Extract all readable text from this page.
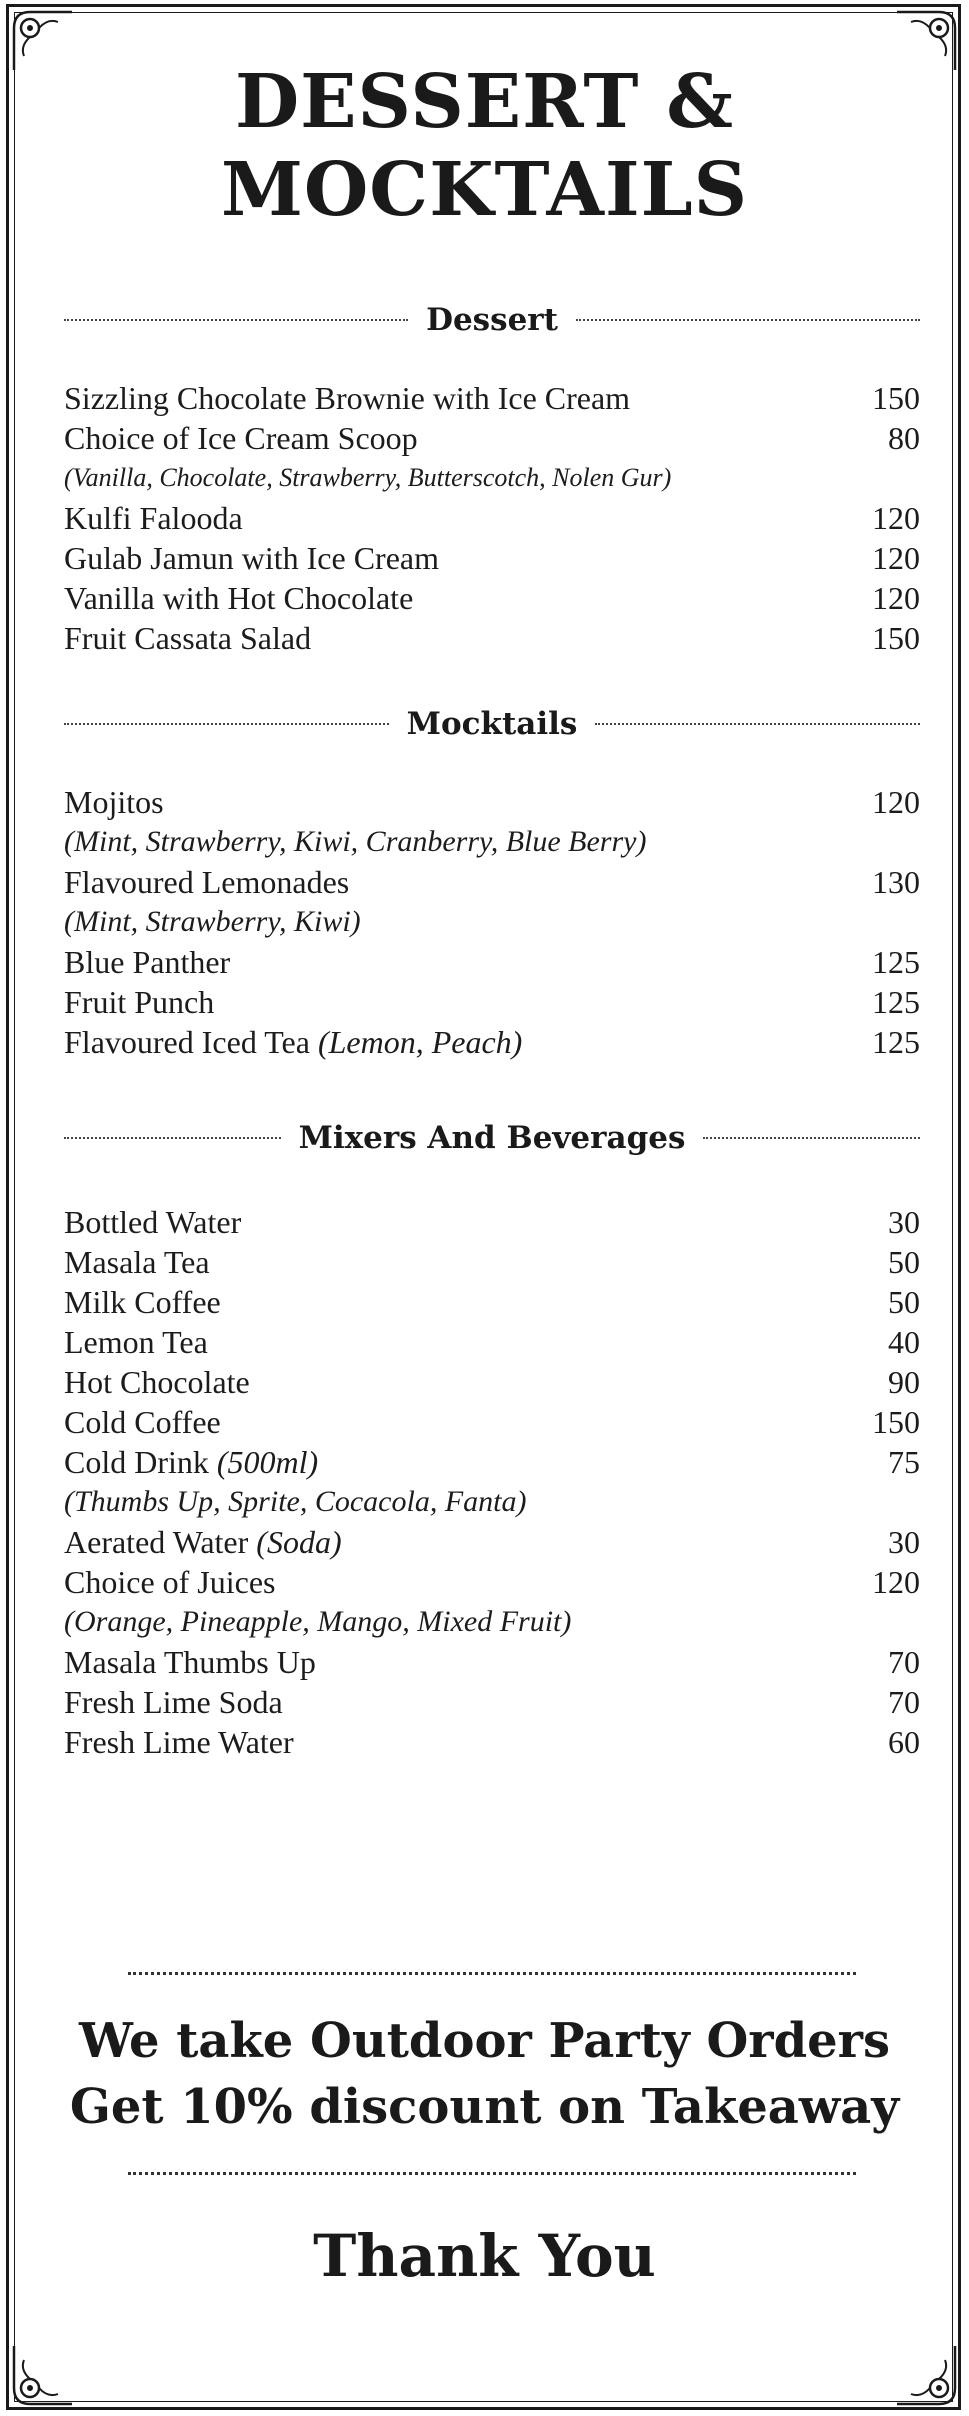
DESSERT &
MOCKTAILS
Dessert
Sizzling Chocolate Brownie with Ice Cream	150
Choice of Ice Cream Scoop	80
(Vanilla, Chocolate, Strawberry, Butterscotch, Nolen Gur)
Kulfi Falooda	120
Gulab Jamun with Ice Cream	120
Vanilla with Hot Chocolate	120
Fruit Cassata Salad	150
Mocktails
Mojitos	120
(Mint, Strawberry, Kiwi, Cranberry, Blue Berry)
Flavoured Lemonades	130
(Mint, Strawberry, Kiwi)
Blue Panther	125
Fruit Punch	125
Flavoured Iced Tea (Lemon, Peach)	125
Mixers And Beverages
Bottled Water	30
Masala Tea	50
Milk Coffee	50
Lemon Tea	40
Hot Chocolate	90
Cold Coffee	150
Cold Drink (500ml)	75
(Thumbs Up, Sprite, Cocacola, Fanta)
Aerated Water (Soda)	30
Choice of Juices	120
(Orange, Pineapple, Mango, Mixed Fruit)
Masala Thumbs Up	70
Fresh Lime Soda	70
Fresh Lime Water	60
We take Outdoor Party Orders
Get 10% discount on Takeaway
Thank You
